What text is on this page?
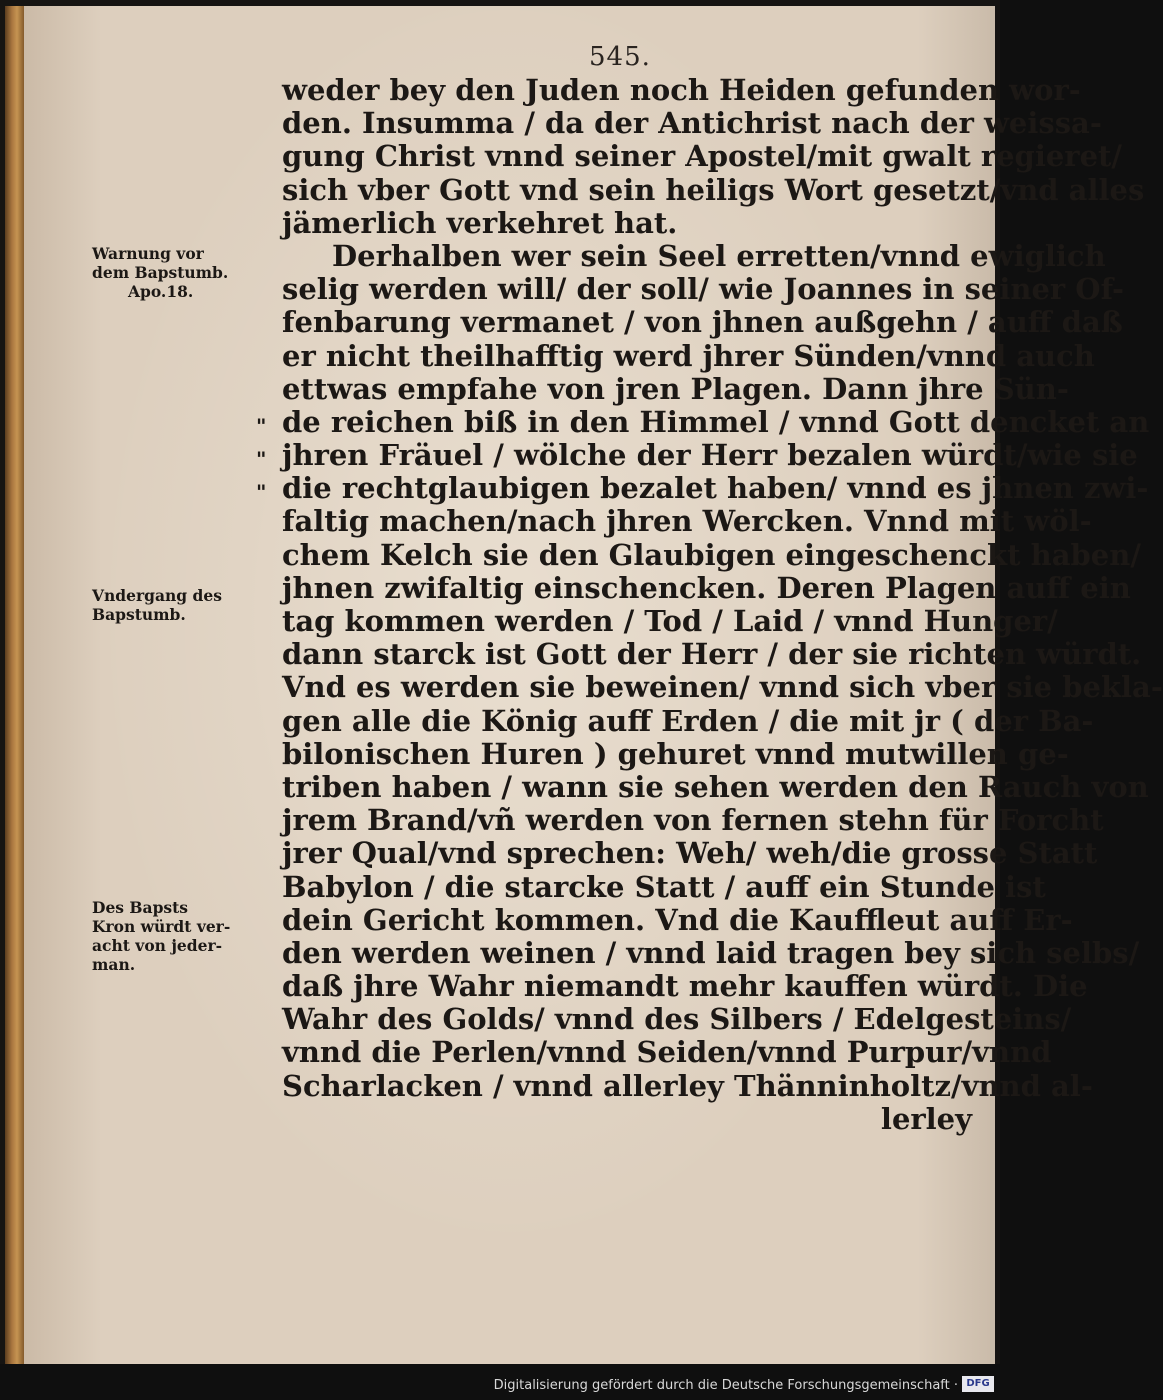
545.
weder bey den Juden noch Heiden gefunden wor-
den. Insumma / da der Antichrist nach der weissa-
gung Christ vnnd seiner Apostel/mit gwalt regieret/
sich vber Gott vnd sein heiligs Wort gesetzt/vnd alles
jämerlich verkehret hat.
Derhalben wer sein Seel erretten/vnnd ewiglich
selig werden will/ der soll/ wie Joannes in seiner Of-
fenbarung vermanet / von jhnen außgehn / auff daß
er nicht theilhafftig werd jhrer Sünden/vnnd auch
ettwas empfahe von jren Plagen. Dann jhre Sün-
de reichen biß in den Himmel / vnnd Gott dencket an
jhren Fräuel / wölche der Herr bezalen würdt/wie sie
die rechtglaubigen bezalet haben/ vnnd es jhnen zwi-
faltig machen/nach jhren Wercken. Vnnd mit wöl-
chem Kelch sie den Glaubigen eingeschenckt haben/
jhnen zwifaltig einschencken. Deren Plagen auff ein
tag kommen werden / Tod / Laid / vnnd Hunger/
dann starck ist Gott der Herr / der sie richten würdt.
Vnd es werden sie beweinen/ vnnd sich vber sie bekla-
gen alle die König auff Erden / die mit jr ( der Ba-
bilonischen Huren ) gehuret vnnd mutwillen ge-
triben haben / wann sie sehen werden den Rauch von
jrem Brand/vñ werden von fernen stehn für Forcht
jrer Qual/vnd sprechen: Weh/ weh/die grosse Statt
Babylon / die starcke Statt / auff ein Stunde ist
dein Gericht kommen. Vnd die Kauffleut auff Er-
den werden weinen / vnnd laid tragen bey sich selbs/
daß jhre Wahr niemandt mehr kauffen würdt. Die
Wahr des Golds/ vnnd des Silbers / Edelgesteins/
vnnd die Perlen/vnnd Seiden/vnnd Purpur/vnnd
Scharlacken / vnnd allerley Thänninholtz/vnnd al-
lerley
"
"
"
Warnung vor
dem Bapstumb.
Apo.18.
Vndergang des
Bapstumb.
Des Bapsts
Kron würdt ver-
acht von jeder-
man.
Digitalisierung gefördert durch die Deutsche Forschungsgemeinschaft · DFG
